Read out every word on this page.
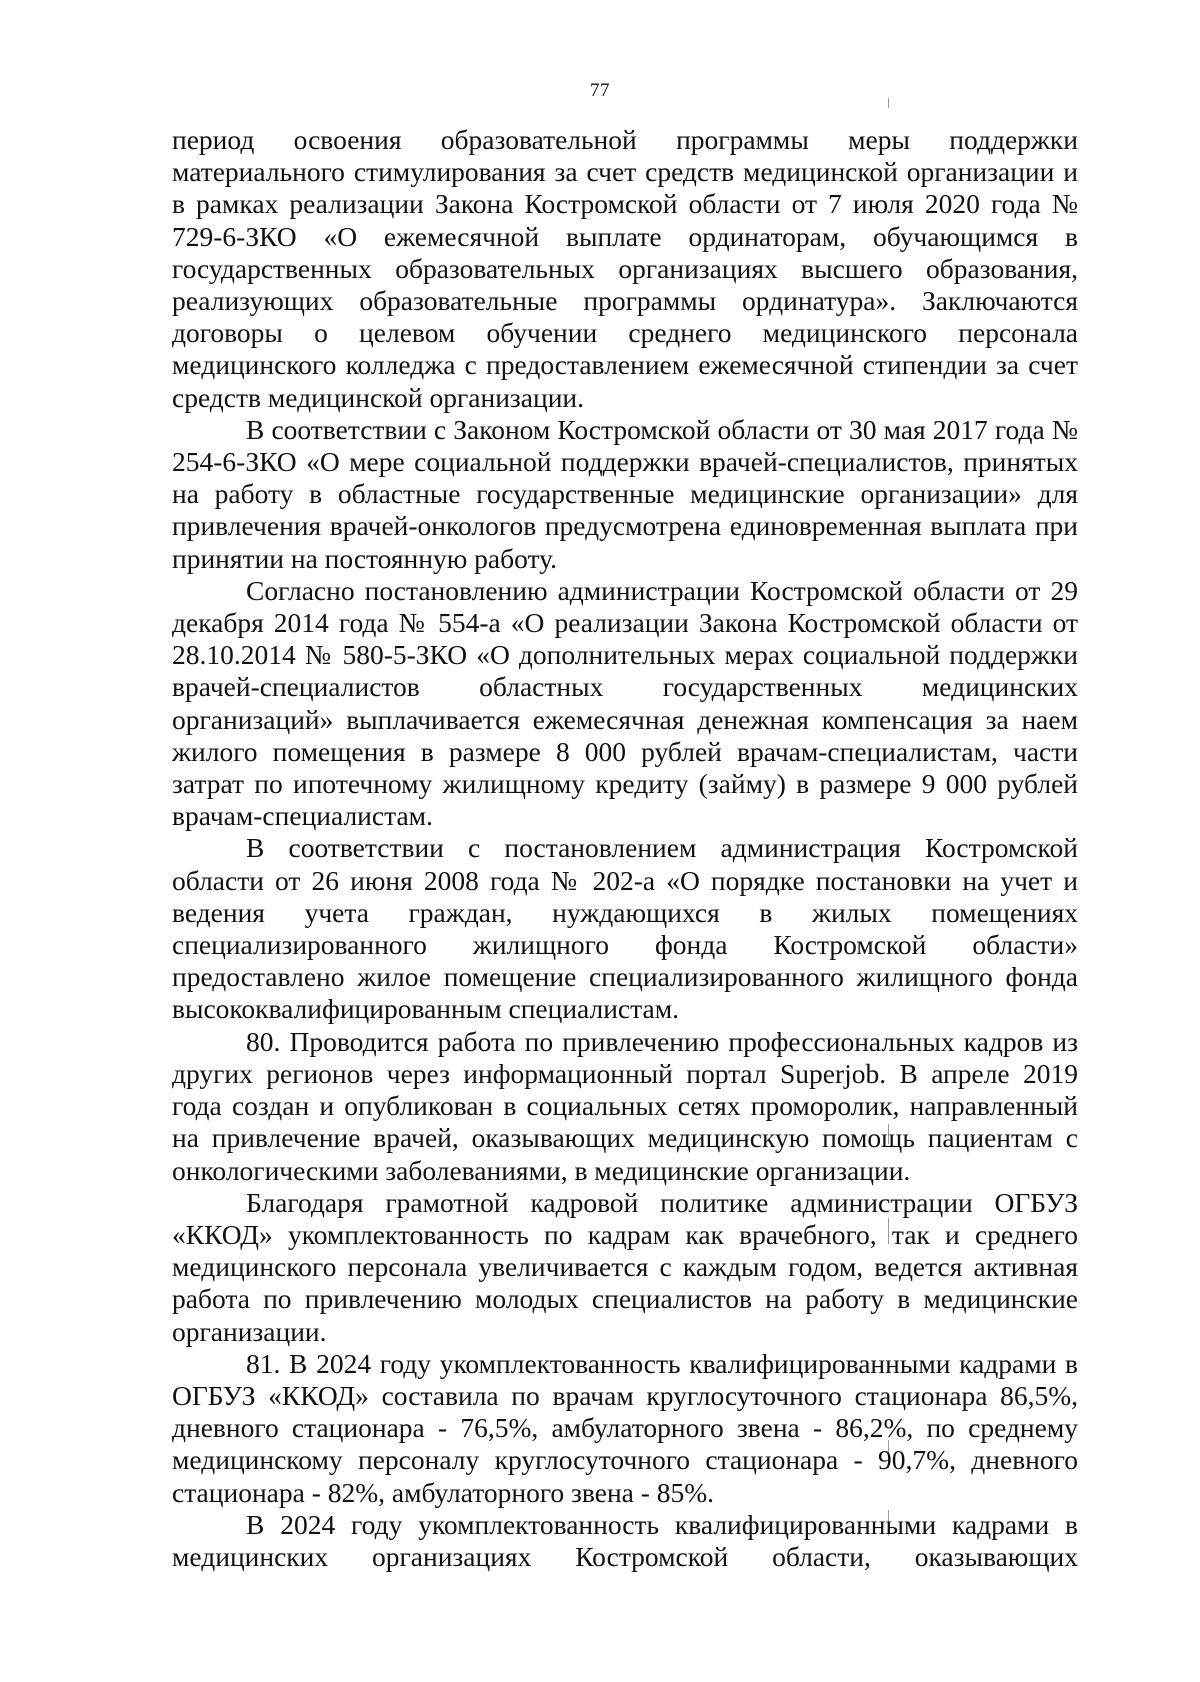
77

период освоения образовательной программы меры поддержки материального стимулирования за счет средств медицинской организации и в рамках реализации Закона Костромской области от 7 июля 2020 года № 729-6-ЗКО «О ежемесячной выплате ординаторам, обучающимся в государственных образовательных организациях высшего образования, реализующих образовательные программы ординатура». Заключаются договоры о целевом обучении среднего медицинского персонала медицинского колледжа с предоставлением ежемесячной стипендии за счет средств медицинской организации.

В соответствии с Законом Костромской области от 30 мая 2017 года № 254-6-ЗКО «О мере социальной поддержки врачей-специалистов, принятых на работу в областные государственные медицинские организации» для привлечения врачей-онкологов предусмотрена единовременная выплата при принятии на постоянную работу.

Согласно постановлению администрации Костромской области от 29 декабря 2014 года № 554-а «О реализации Закона Костромской области от 28.10.2014 № 580-5-ЗКО «О дополнительных мерах социальной поддержки врачей-специалистов областных государственных медицинских организаций» выплачивается ежемесячная денежная компенсация за наем жилого помещения в размере 8 000 рублей врачам-специалистам, части затрат по ипотечному жилищному кредиту (займу) в размере 9 000 рублей врачам-специалистам.

В соответствии с постановлением администрация Костромской области от 26 июня 2008 года № 202-а «О порядке постановки на учет и ведения учета граждан, нуждающихся в жилых помещениях специализированного жилищного фонда Костромской области» предоставлено жилое помещение специализированного жилищного фонда высококвалифицированным специалистам.

80. Проводится работа по привлечению профессиональных кадров из других регионов через информационный портал Superjob. В апреле 2019 года создан и опубликован в социальных сетях проморолик, направленный на привлечение врачей, оказывающих медицинскую помощь пациентам с онкологическими заболеваниями, в медицинские организации.

Благодаря грамотной кадровой политике администрации ОГБУЗ «ККОД» укомплектованность по кадрам как врачебного, так и среднего медицинского персонала увеличивается с каждым годом, ведется активная работа по привлечению молодых специалистов на работу в медицинские организации.

81. В 2024 году укомплектованность квалифицированными кадрами в ОГБУЗ «ККОД» составила по врачам круглосуточного стационара 86,5%, дневного стационара - 76,5%, амбулаторного звена - 86,2%, по среднему медицинскому персоналу круглосуточного стационара - 90,7%, дневного стационара - 82%, амбулаторного звена - 85%.

В 2024 году укомплектованность квалифицированными кадрами в медицинских организациях Костромской области, оказывающих
